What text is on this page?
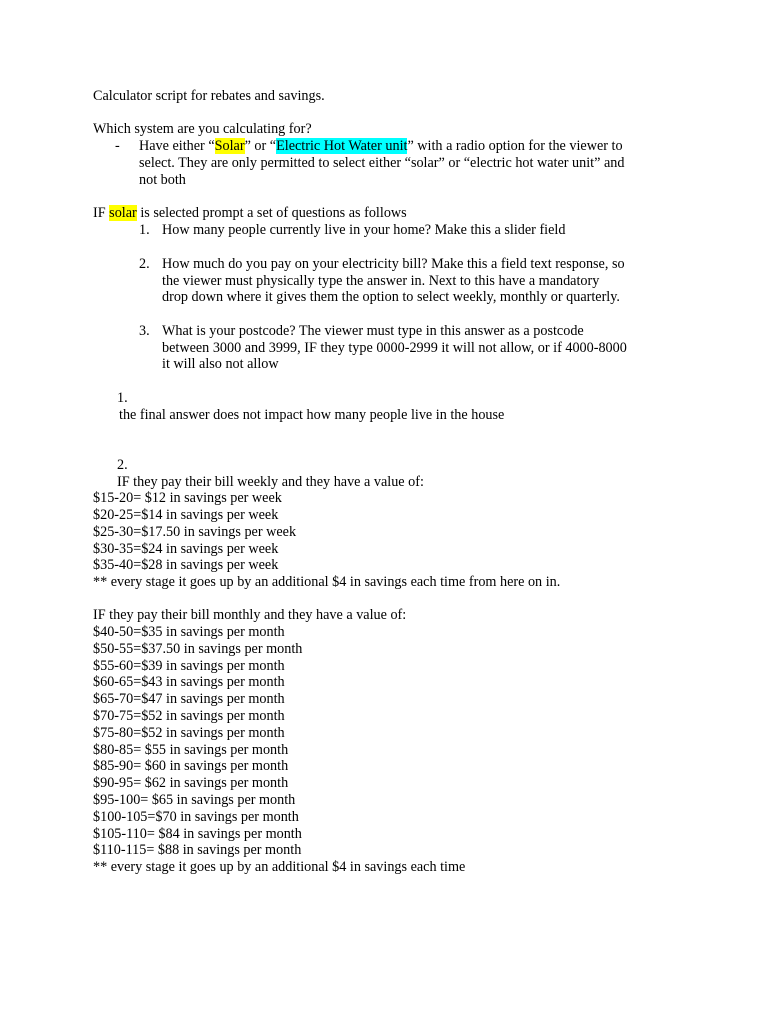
Calculator script for rebates and savings.
Which system are you calculating for?
- Have either “Solar” or “Electric Hot Water unit” with a radio option for the viewer to
select. They are only permitted to select either “solar” or “electric hot water unit” and
not both
IF solar is selected prompt a set of questions as follows
1. How many people currently live in your home? Make this a slider field
2. How much do you pay on your electricity bill? Make this a field text response, so
the viewer must physically type the answer in. Next to this have a mandatory
drop down where it gives them the option to select weekly, monthly or quarterly.
3. What is your postcode? The viewer must type in this answer as a postcode
between 3000 and 3999, IF they type 0000-2999 it will not allow, or if 4000-8000
it will also not allow
1.
the final answer does not impact how many people live in the house
2.
IF they pay their bill weekly and they have a value of:
$15-20= $12 in savings per week
$20-25=$14 in savings per week
$25-30=$17.50 in savings per week
$30-35=$24 in savings per week
$35-40=$28 in savings per week
** every stage it goes up by an additional $4 in savings each time from here on in.
IF they pay their bill monthly and they have a value of:
$40-50=$35 in savings per month
$50-55=$37.50 in savings per month
$55-60=$39 in savings per month
$60-65=$43 in savings per month
$65-70=$47 in savings per month
$70-75=$52 in savings per month
$75-80=$52 in savings per month
$80-85= $55 in savings per month
$85-90= $60 in savings per month
$90-95= $62 in savings per month
$95-100= $65 in savings per month
$100-105=$70 in savings per month
$105-110= $84 in savings per month
$110-115= $88 in savings per month
** every stage it goes up by an additional $4 in savings each time
